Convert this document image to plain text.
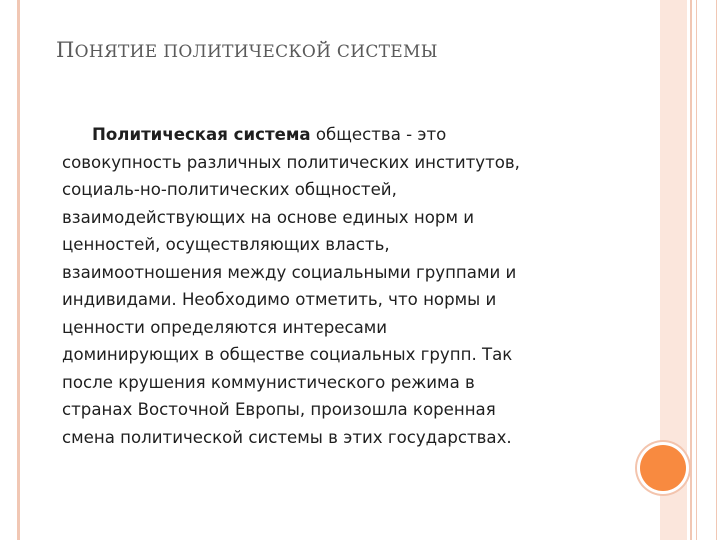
ПОНЯТИЕ ПОЛИТИЧЕСКОЙ СИСТЕМЫ
Политическая система общества - это
совокупность различных политических институтов,
социаль-но-политических общностей,
взаимодействующих на основе единых норм и
ценностей, осуществляющих власть,
взаимоотношения между социальными группами и
индивидами. Необходимо отметить, что нормы и
ценности определяются интересами
доминирующих в обществе социальных групп. Так
после крушения коммунистического режима в
странах Восточной Европы, произошла коренная
смена политической системы в этих государствах.
